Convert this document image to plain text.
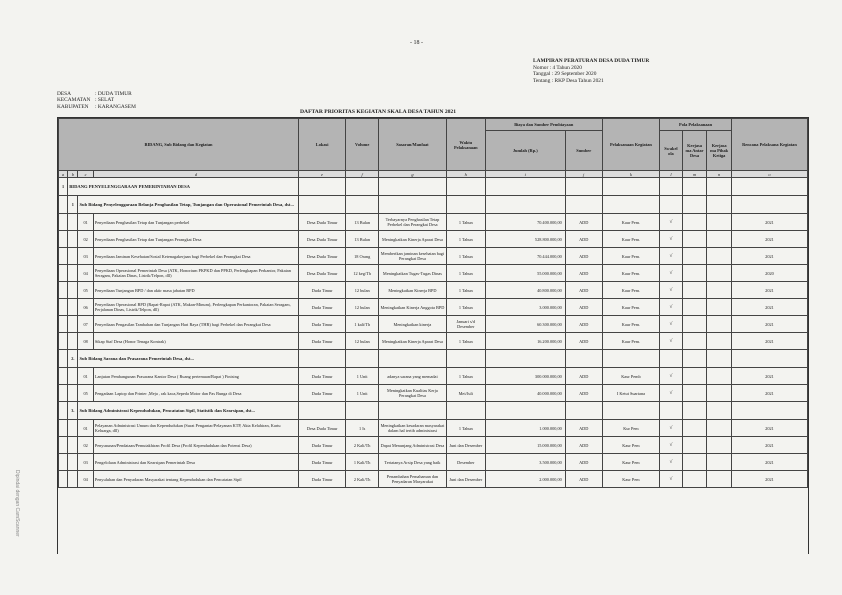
- 18 -
LAMPIRAN PERATURAN DESA DUDA TIMUR
Nomor : 4 Tahun 2020
Tanggal : 29 September 2020
Tentang : RKP Desa Tahun 2021
Dipindai dengan CamScanner
DESA	: DUDA TIMUR
KECAMATAN : SELAT
KABUPATEN : KARANGASEM
DAFTAR PRIORITAS KEGIATAN SKALA DESA TAHUN 2021
BIDANG, Sub Bidang dan Kegiatan				Lokasi	Volume	Sasaran/Manfaat	Waktu Pelaksanaan	Biaya dan Sumber Pembiayaan		Pelaksanaan Kegiatan	Pola Pelaksanaan			Rencana Pelaksana Kegiatan
								Jumlah (Rp.)	Sumber		Swakel ola	Kerjasa ma Antar Desa	Kerjasa ma Pihak Ketiga	

a	b	c	d	e	f	g	h	i	j	k	l	m	n	o
1	BIDANG PENYELENGGARAAN PEMERINTAHAN DESA													
	1	Sub Bidang Penyelenggaraan Belanja Penghasilan Tetap, Tunjangan dan Operasional Pemerintah Desa, dst...												
		01	Penyediaan Penghasilan Tetap dan Tunjangan perbekel	Desa Duda Timur	13 Bulan	Terbayarnya Penghasilan Tetap Perbekel dan Perangkat Desa	1 Tahun	70.400.000,00	ADD	Kaur Pem.	√			2021
		02	Penyediaan Penghasilan Tetap dan Tunjangan Perangkat Desa	Desa Duda Timur	13 Bulan	Meningkatkan Kinerja Aparat Desa	1 Tahun	528.800.000,00	ADD	Kaur Pem.	√			2021
		03	Penyediaan Jaminan Kesehatan/Sosial Ketenagakerjaan bagi Perbekel dan Perangkat Desa	Desa Duda Timur	18 Orang	Memberikan jaminan kesehatan bagi Perangkat Desa	1 Tahun	70.444.000,00	ADD	Kaur Pem.	√			2021
		04	Penyediaan Operasional Pemerintah Desa (ATK, Honorium PKPKD dan PPKD, Perlengkapan Perkantor, Pakaian Seragam, Pakaian Dinas, Listrik/Telpon, dll)	Desa Duda Timur	12 keg/Th	Meningkatkan Tugas-Tugas Dinas	1 Tahun	55.000.000,00	ADD	Kaur Pem.	√			2020
		05	Penyediaan Tunjangan BPD / dan aktir masa jabatan BPD	Duda Timur	12 bulan	Meningkatkan Kinerja BPD	1 Tahun	40.800.000,00	ADD	Kaur Pem.	√			2021
		06	Penyediaan Operasional BPD (Rapat-Rapat (ATK, Makan-Minum), Perlengkapan Perkantoran, Pakaian Seragam, Perjalanan Dinas, Listrik/Telpon, dll)	Duda Timur	12 bulan	Meningkatkan Kinerja Anggota BPD	1 Tahun	3.000.000,00	ADD	Kaur Pem.	√			2021
		07	Penyediaan Pengasilan Tambahan dan Tunjangan Hari Raya (THR) bagi Perbekel dan Perangkat Desa	Duda Timur	1 kali/Th	Meningkatkan kinerja	Januari s/d Desember	60.300.000,00	ADD	Kaur Pem.	√			2021
		08	Sikap Staf Desa (Honor Tenaga Kontrak)	Duda Timur	12 bulan	Meningkatkan Kinerja Aparat Desa	1 Tahun	16.200.000,00	ADD	Kaur Pem.	√			2021
	2.	Sub Bidang Sarana dan Prasarana Pemerintah Desa, dst...												
		01	Lanjutan Pembangunan Prasarana Kantor Desa ( Ruang pertemuan/Rapat ) Finising	Duda Timur	1 Unit	adanya sarana yang memadai	1 Tahun	300.000.000,00	ADD	Kaur Pemb	√			2021
		05	Pengadaan Laptop dan Printer ,Meja , rak kaca,Sepeda Motor dan Pas Bunga di Desa	Duda Timur	1 Unit	Meningkatkan Kualitas Kerja Perangkat Desa	Mei/Juli	40.000.000,00	ADD	I Ketut Suartana	√			2021
	3.	Sub Bidang Administrasi Kependudukan, Pencatatan Sipil, Statistik dan Kearsipan, dst...												
		01	Pelayanan Administrasi Umum dan Kependudukan (Surat Pengantar/Pelayanan KTP, Akta Kelahiran, Kartu Keluarga, dll)	Desa Duda Timur	1 Is	Meningkatkan kesadaran masyarakat dalam hal tertib administrasi	1 Tahun	1.000.000,00	ADD	Kur Pem	√			2021
		02	Penyusunan/Pendataan/Pemutakhiran Profil Desa (Profil Kependudukan dan Potensi Desa)	Duda Timur	2 Kali/Th	Dapat Menunjang Administrasi Desa	Juni dan Desember	15.000.000,00	ADD	Kaur Pem	√			2021
		03	Pengelolaan Administrasi dan Kearsipan Pemerintah Desa	Duda Timur	1 Kali/Th	Tertatanya Arsip Desa yang baik	Desember	3.500.000,00	ADD	Kaur Pem	√			2021
		04	Penyuluhan dan Penyadaran Masyarakat tentang Kependudukan dan Pencatatan Sipil	Duda Timur	2 Kali/Th	Penambahan Pemahaman dan Penyadaran Masyarakat	Juni dan Desember	2.000.000,00	ADD	Kaur Pem	√			2021
